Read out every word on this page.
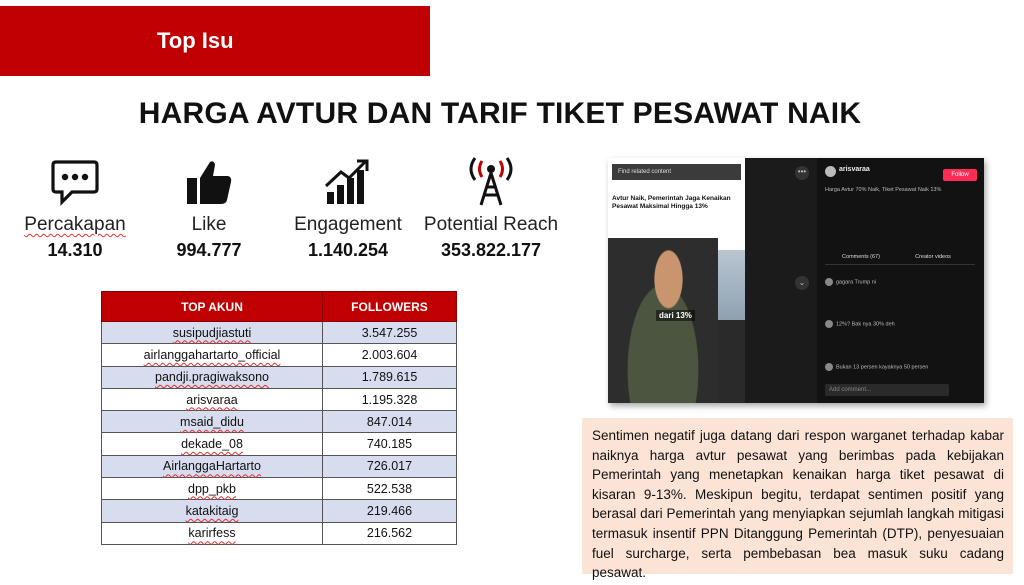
Top Isu
HARGA AVTUR DAN TARIF TIKET PESAWAT NAIK
Percakapan
14.310
Like
994.777
Engagement
1.140.254
Potential Reach
353.822.177
TOP AKUN	FOLLOWERS
susipudjiastuti	3.547.255
airlanggahartarto_official	2.003.604
pandji.pragiwaksono	1.789.615
arisvaraa	1.195.328
msaid_didu	847.014
dekade_08	740.185
AirlanggaHartarto	726.017
dpp_pkb	522.538
katakitaig	219.466
karirfess	216.562
Avtur Naik, Pemerintah Jaga Kenaikan Pesawat Maksimal Hingga 13%
Find related content
dari 13%
•••
⌄
arisvaraa
Follow
Harga Avtur 70% Naik, Tiket Pesawat Naik 13%
Comments (67)	Creator videos
gagara Trump ni
12%? Bak nya 30% deh
Bukan 13 persen kayaknya 50 persen
Add comment...
Sentimen negatif juga datang dari respon warganet terhadap kabar naiknya harga avtur pesawat yang berimbas pada kebijakan Pemerintah yang menetapkan kenaikan harga tiket pesawat di kisaran 9-13%. Meskipun begitu, terdapat sentimen positif yang berasal dari Pemerintah yang menyiapkan sejumlah langkah mitigasi termasuk insentif PPN Ditanggung Pemerintah (DTP), penyesuaian fuel surcharge, serta pembebasan bea masuk suku cadang pesawat.
